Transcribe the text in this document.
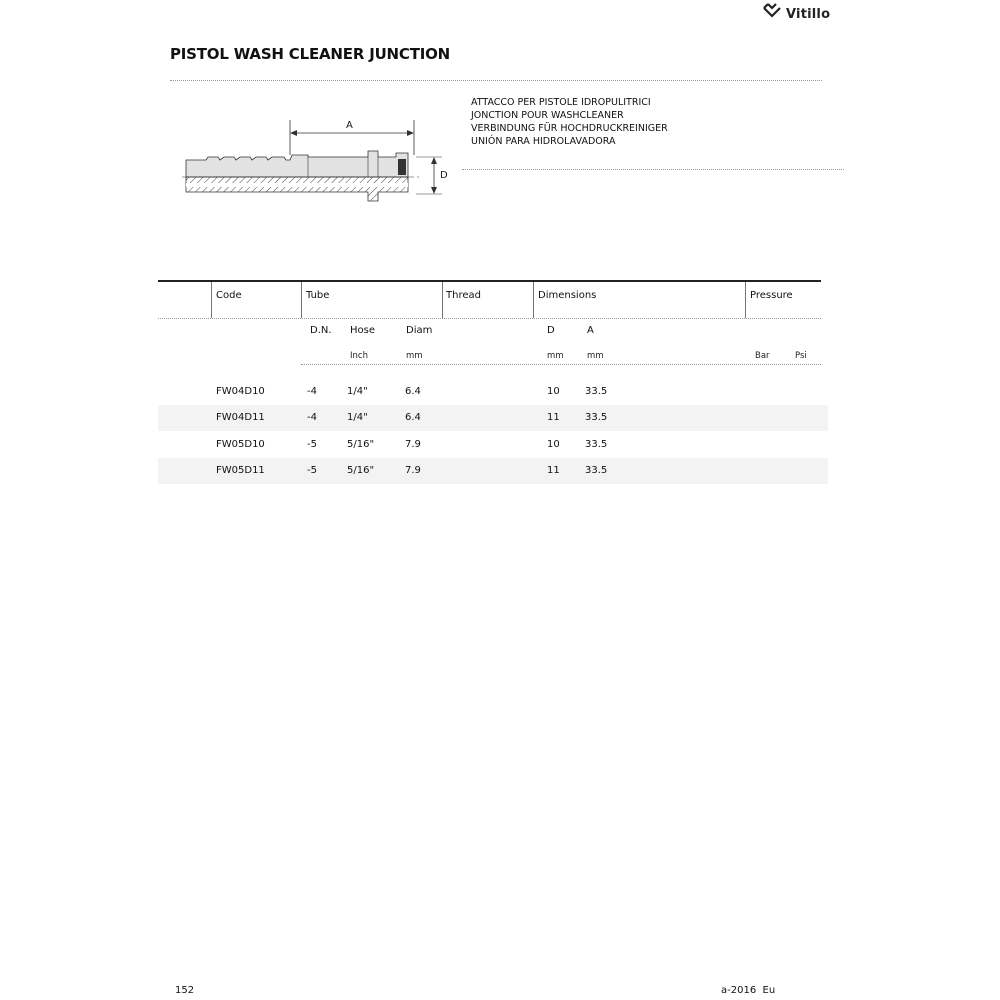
Vitillo
PISTOL WASH CLEANER JUNCTION
A
D
ATTACCO PER PISTOLE IDROPULITRICI
JONCTION POUR WASHCLEANER
VERBINDUNG FÜR HOCHDRUCKREINIGER
UNIÓN PARA HIDROLAVADORA
Code	Tube	Thread	Dimensions	Pressure
D.N. Hose	Diam	D	A
Inch	mm	mm	mm	Bar	Psi
FW04D10	-4	1/4"	6.4	10	33.5
FW04D11	-4	1/4"	6.4	11	33.5
FW05D10	-5	5/16"	7.9	10	33.5
FW05D11	-5	5/16"	7.9	11	33.5
152	a-2016  Eu
